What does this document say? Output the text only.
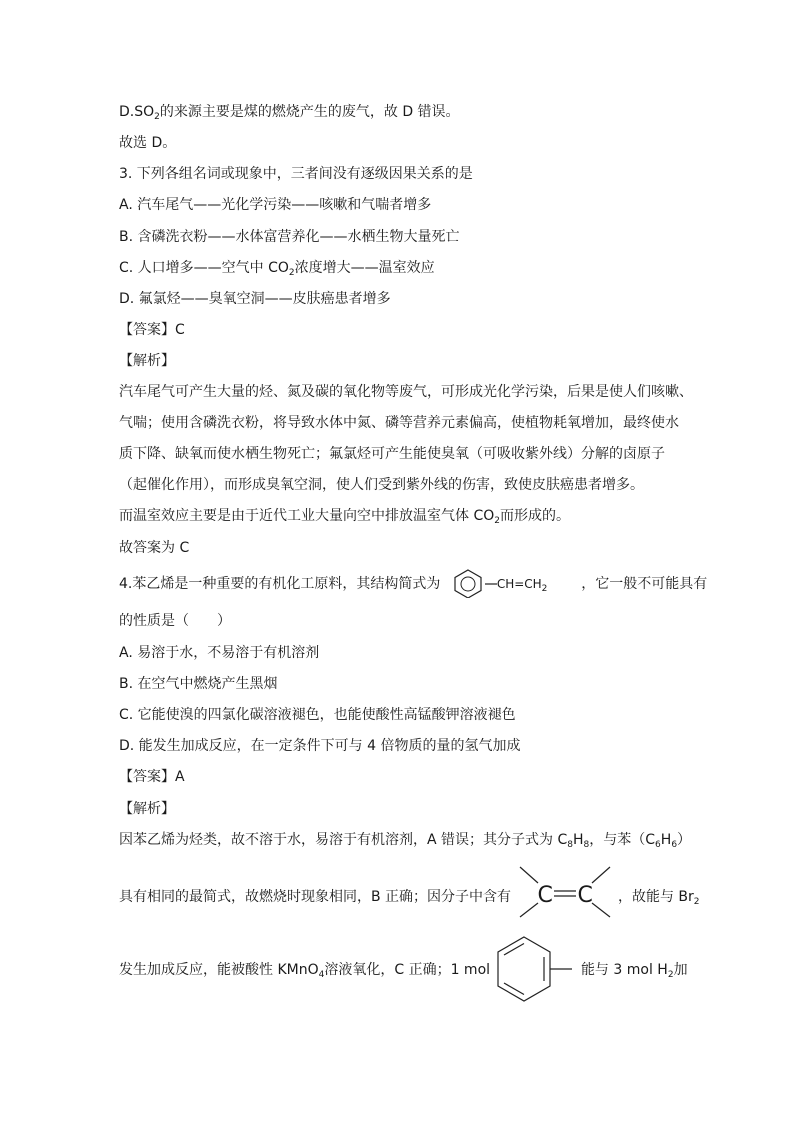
$D.SO_2$的来源主要是煤的燃烧产生的废气，故 D 错误。
故选 D。
3. 下列各组名词或现象中，三者间没有逐级因果关系的是
A. 汽车尾气——光化学污染——咳嗽和气喘者增多
B. 含磷洗衣粉——水体富营养化——水栖生物大量死亡
C. 人口增多——空气中 $CO_2$浓度增大——温室效应
D. 氟氯烃——臭氧空洞——皮肤癌患者增多
【答案】C
【解析】
汽车尾气可产生大量的烃、氮及碳的氧化物等废气，可形成光化学污染，后果是使人们咳嗽、
气喘；使用含磷洗衣粉，将导致水体中氮、磷等营养元素偏高，使植物耗氧增加，最终使水
质下降、缺氧而使水栖生物死亡；氟氯烃可产生能使臭氧（可吸收紫外线）分解的卤原子
（起催化作用），而形成臭氧空洞，使人们受到紫外线的伤害，致使皮肤癌患者增多。
而温室效应主要是由于近代工业大量向空中排放温室气体 $CO_2$而形成的。
故答案为 C
4.苯乙烯是一种重要的有机化工原料，其结构简式为	$CH=CH_2$ ，它一般不可能具有
的性质是（　　）
A. 易溶于水，不易溶于有机溶剂
B. 在空气中燃烧产生黑烟
C. 它能使溴的四氯化碳溶液褪色，也能使酸性高锰酸钾溶液褪色
D. 能发生加成反应，在一定条件下可与 4 倍物质的量的氢气加成
【答案】A
【解析】
因苯乙烯为烃类，故不溶于水，易溶于有机溶剂，A 错误；其分子式为 $C_8H_8$，与苯$(C_6H_6)$
具有相同的最简式，故燃烧时现象相同，B 正确；因分子中含有 C C ，故能与 $Br_2$
发生加成反应，能被酸性 KMnO$_4$溶液氧化，C 正确；1 mol	能与 3 mol $H_2$加
